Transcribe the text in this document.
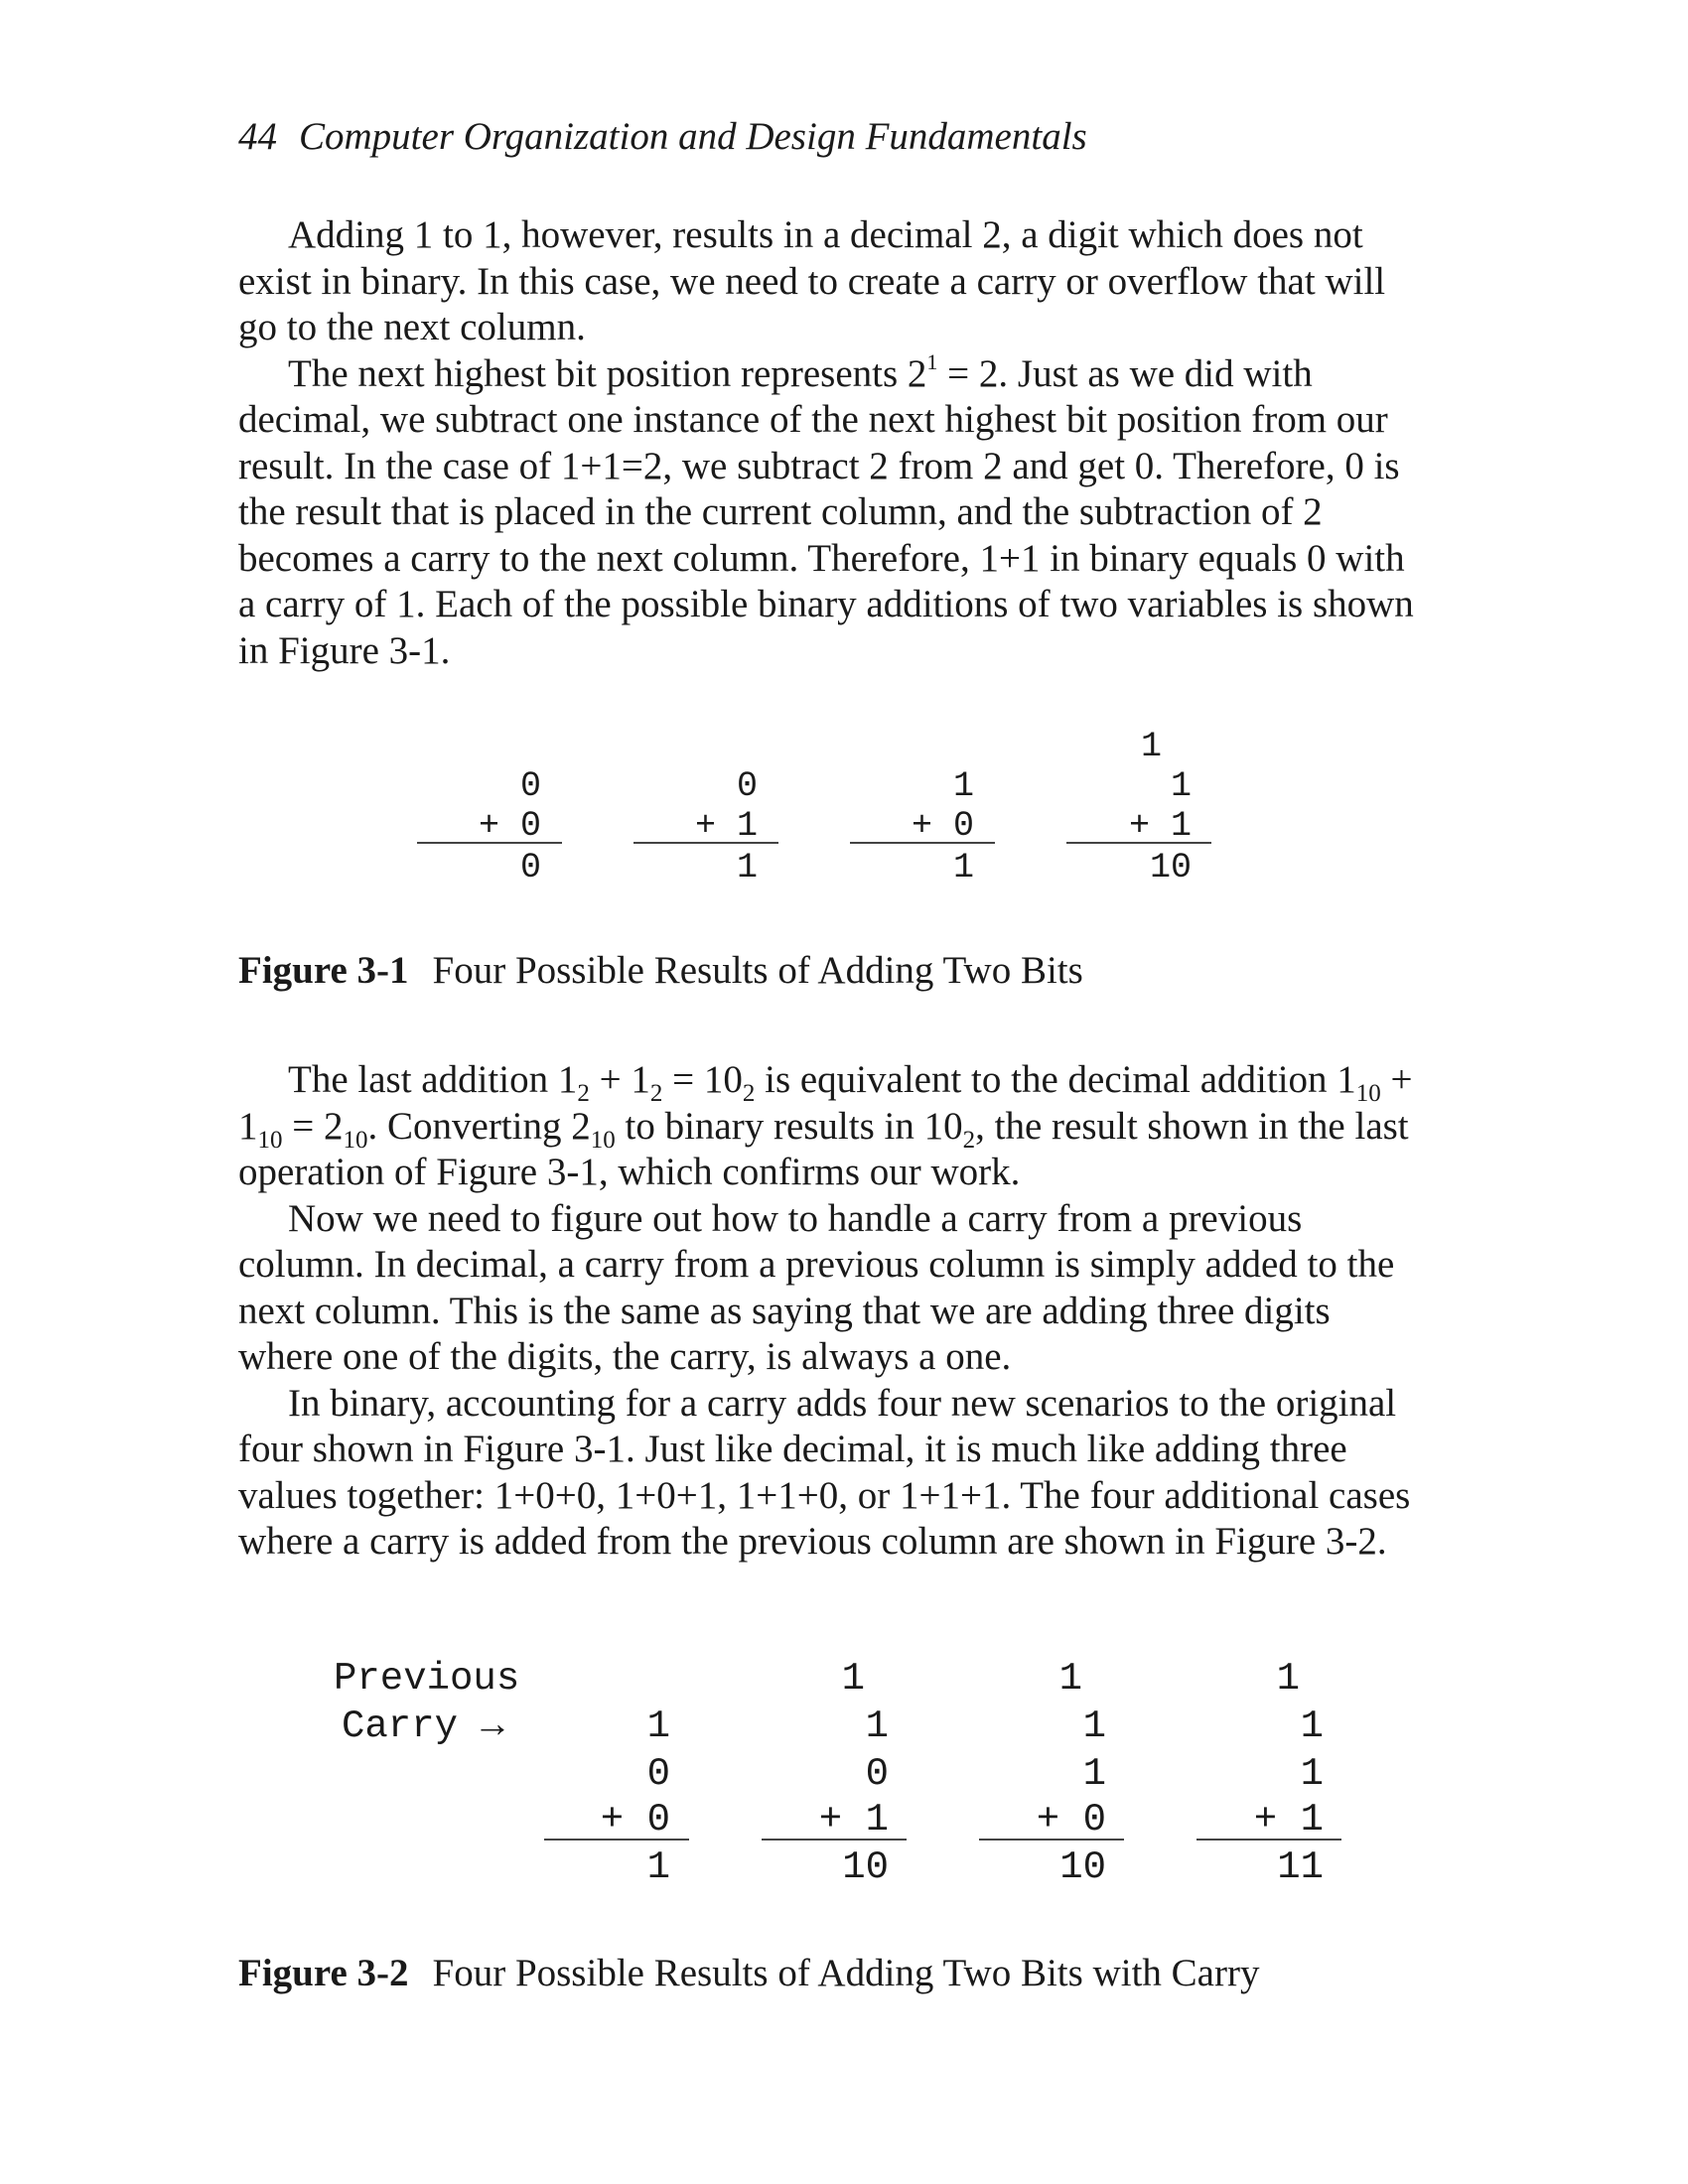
44 Computer Organization and Design Fundamentals

Adding 1 to 1, however, results in a decimal 2, a digit which does not exist in binary. In this case, we need to create a carry or overflow that will go to the next column.

The next highest bit position represents $2^1 = 2$. Just as we did with decimal, we subtract one instance of the next highest bit position from our result. In the case of 1+1=2, we subtract 2 from 2 and get 0. Therefore, 0 is the result that is placed in the current column, and the subtraction of 2 becomes a carry to the next column. Therefore, 1+1 in binary equals 0 with a carry of 1. Each of the possible binary additions of two variables is shown in Figure 3-1.

0
+ 0
0
0
+ 1
1
1
+ 0
1
1
1
+ 1
10
Figure 3-1 Four Possible Results of Adding Two Bits

The last addition $1_2 + 1_2 = 10_2$ is equivalent to the decimal addition $1_{10} + 1_{10} = 2_{10}$. Converting $2_{10}$ to binary results in $10_2$, the result shown in the last operation of Figure 3-1, which confirms our work.

Now we need to figure out how to handle a carry from a previous column. In decimal, a carry from a previous column is simply added to the next column. This is the same as saying that we are adding three digits where one of the digits, the carry, is always a one.

In binary, accounting for a carry adds four new scenarios to the original four shown in Figure 3-1. Just like decimal, it is much like adding three values together: 1+0+0, 1+0+1, 1+1+0, or 1+1+1. The four additional cases where a carry is added from the previous column are shown in Figure 3-2.

Previous
Carry →	1
0
+ 0
1
1
1
0
+ 1
10
1
1
1
+ 0
10
1
1
1
+ 1
11
Figure 3-2 Four Possible Results of Adding Two Bits with Carry
